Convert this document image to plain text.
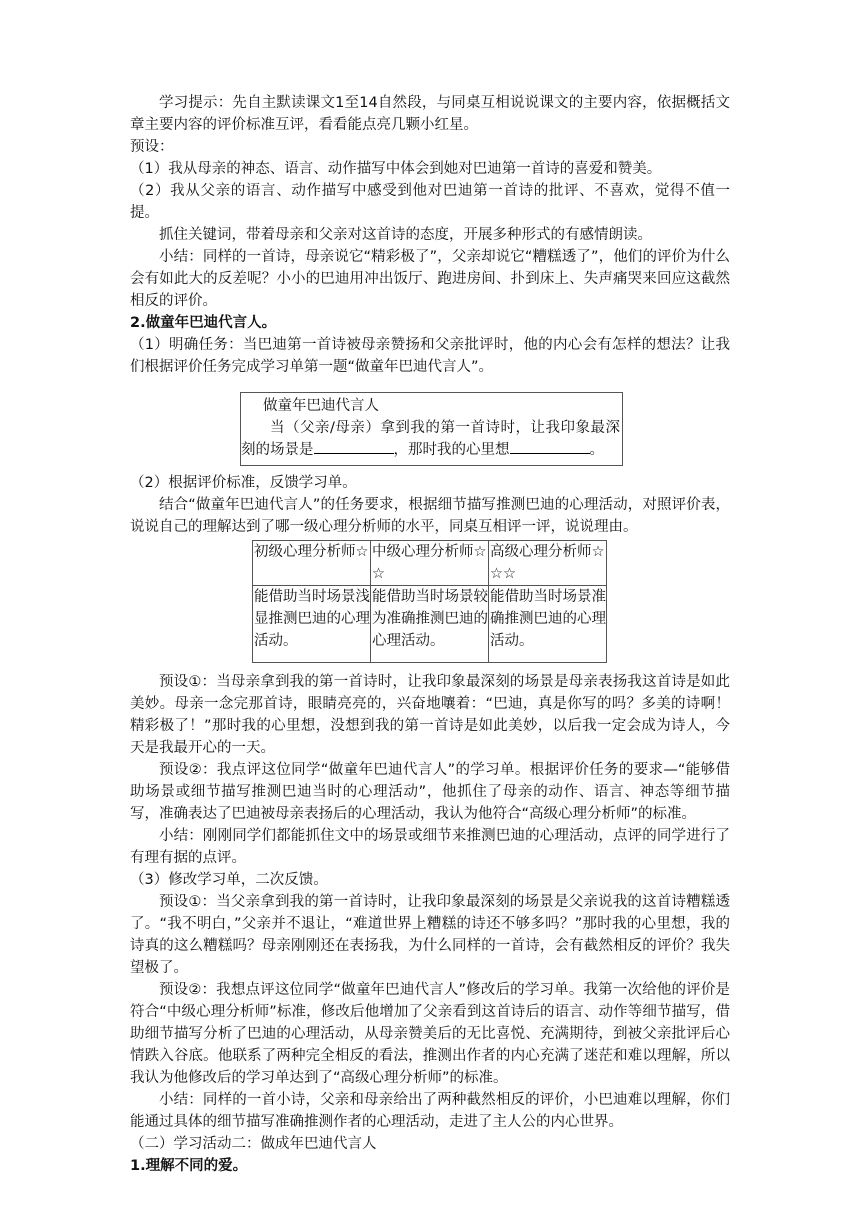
学习提示：先自主默读课文1至14自然段，与同桌互相说说课文的主要内容，依据概括文章主要内容的评价标准互评，看看能点亮几颗小红星。

预设：

（1）我从母亲的神态、语言、动作描写中体会到她对巴迪第一首诗的喜爱和赞美。

（2）我从父亲的语言、动作描写中感受到他对巴迪第一首诗的批评、不喜欢，觉得不值一提。

抓住关键词，带着母亲和父亲对这首诗的态度，开展多种形式的有感情朗读。

小结：同样的一首诗，母亲说它“精彩极了”，父亲却说它“糟糕透了”，他们的评价为什么会有如此大的反差呢？小小的巴迪用冲出饭厅、跑进房间、扑到床上、失声痛哭来回应这截然相反的评价。

2.做童年巴迪代言人。

（1）明确任务：当巴迪第一首诗被母亲赞扬和父亲批评时，他的内心会有怎样的想法？让我们根据评价任务完成学习单第一题“做童年巴迪代言人”。

做童年巴迪代言人

当（父亲/母亲）拿到我的第一首诗时，让我印象最深刻的场景是	，那时我的心里想	。

（2）根据评价标准，反馈学习单。

结合“做童年巴迪代言人”的任务要求，根据细节描写推测巴迪的心理活动，对照评价表，说说自己的理解达到了哪一级心理分析师的水平，同桌互相评一评，说说理由。

初级心理分析师☆	中级心理分析师☆☆	高级心理分析师☆☆☆
能借助当时场景浅显推测巴迪的心理活动。	能借助当时场景较为准确推测巴迪的心理活动。	能借助当时场景准确推测巴迪的心理活动。

预设①：当母亲拿到我的第一首诗时，让我印象最深刻的场景是母亲表扬我这首诗是如此美妙。母亲一念完那首诗，眼睛亮亮的，兴奋地嚷着：“巴迪，真是你写的吗？多美的诗啊！精彩极了！”那时我的心里想，没想到我的第一首诗是如此美妙，以后我一定会成为诗人，今天是我最开心的一天。

预设②：我点评这位同学“做童年巴迪代言人”的学习单。根据评价任务的要求—“能够借助场景或细节描写推测巴迪当时的心理活动”，他抓住了母亲的动作、语言、神态等细节描写，准确表达了巴迪被母亲表扬后的心理活动，我认为他符合“高级心理分析师”的标准。

小结：刚刚同学们都能抓住文中的场景或细节来推测巴迪的心理活动，点评的同学进行了有理有据的点评。

（3）修改学习单，二次反馈。

预设①：当父亲拿到我的第一首诗时，让我印象最深刻的场景是父亲说我的这首诗糟糕透了。“我不明白，”父亲并不退让，“难道世界上糟糕的诗还不够多吗？”那时我的心里想，我的诗真的这么糟糕吗？母亲刚刚还在表扬我，为什么同样的一首诗，会有截然相反的评价？我失望极了。

预设②：我想点评这位同学“做童年巴迪代言人”修改后的学习单。我第一次给他的评价是符合“中级心理分析师”标准，修改后他增加了父亲看到这首诗后的语言、动作等细节描写，借助细节描写分析了巴迪的心理活动，从母亲赞美后的无比喜悦、充满期待，到被父亲批评后心情跌入谷底。他联系了两种完全相反的看法，推测出作者的内心充满了迷茫和难以理解，所以我认为他修改后的学习单达到了“高级心理分析师”的标准。

小结：同样的一首小诗，父亲和母亲给出了两种截然相反的评价，小巴迪难以理解，你们能通过具体的细节描写准确推测作者的心理活动，走进了主人公的内心世界。

（二）学习活动二：做成年巴迪代言人

1.理解不同的爱。
